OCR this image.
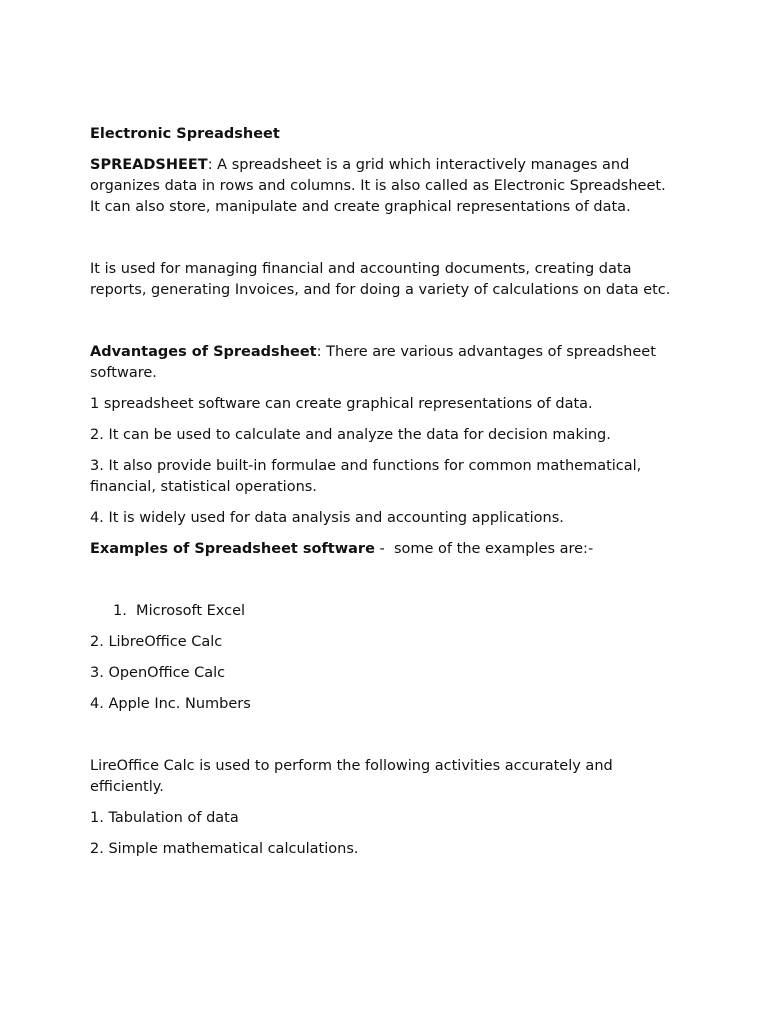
Electronic Spreadsheet

SPREADSHEET: A spreadsheet is a grid which interactively manages and organizes data in rows and columns. It is also called as Electronic Spreadsheet. It can also store, manipulate and create graphical representations of data.

It is used for managing financial and accounting documents, creating data reports, generating Invoices, and for doing a variety of calculations on data etc.

Advantages of Spreadsheet: There are various advantages of spreadsheet software.

1 spreadsheet software can create graphical representations of data.

2. It can be used to calculate and analyze the data for decision making.

3. It also provide built-in formulae and functions for common mathematical, financial, statistical operations.

4. It is widely used for data analysis and accounting applications.

Examples of Spreadsheet software -  some of the examples are:-

1.  Microsoft Excel

2. LibreOffice Calc

3. OpenOffice Calc

4. Apple Inc. Numbers

LireOffice Calc is used to perform the following activities accurately and efficiently.

1. Tabulation of data

2. Simple mathematical calculations.
